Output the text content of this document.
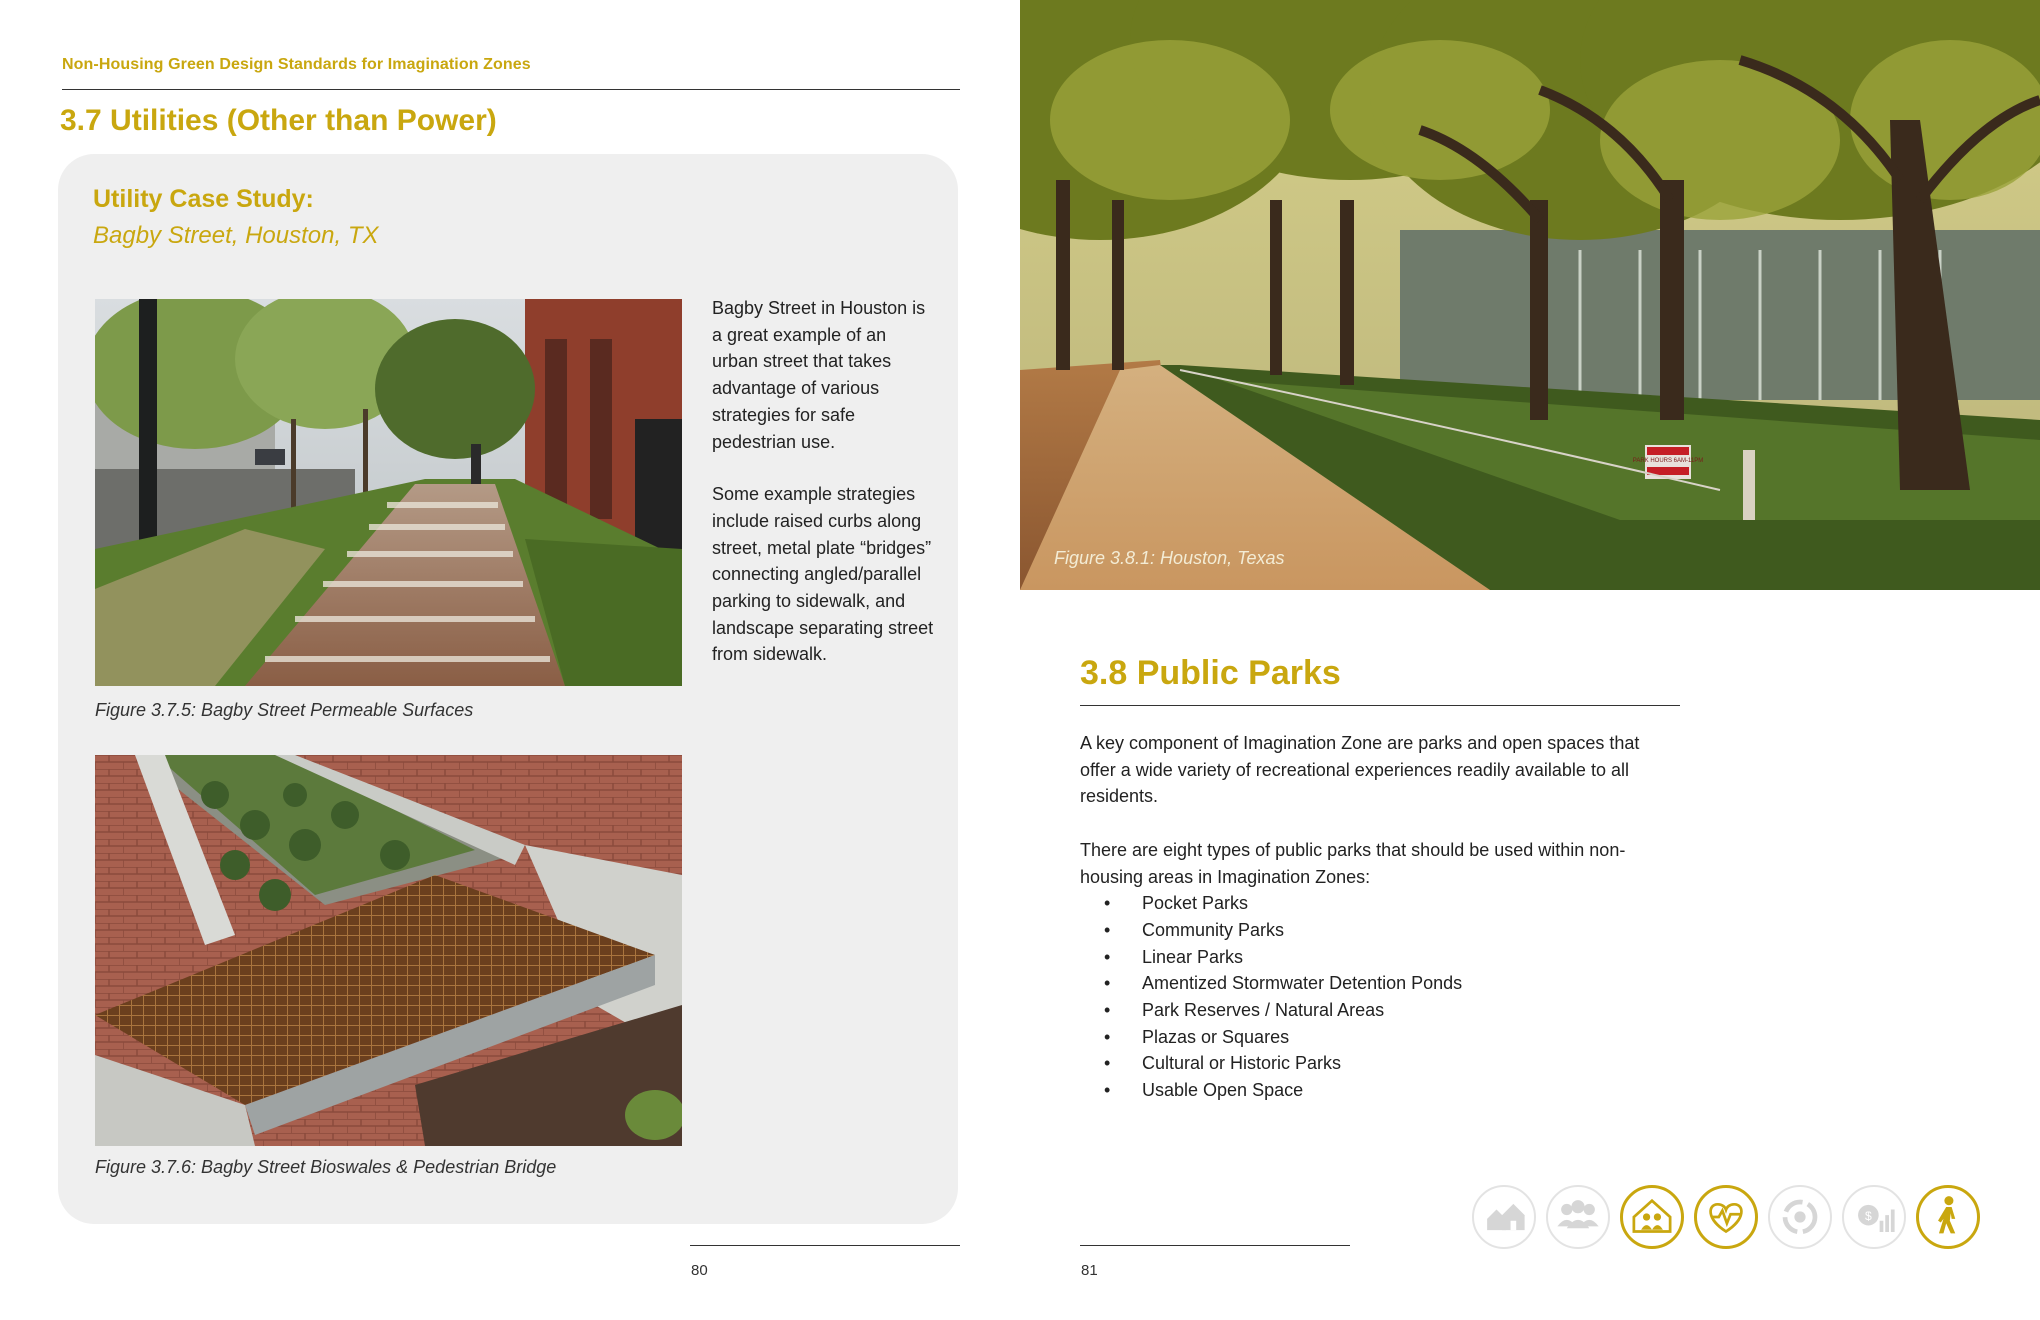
Non-Housing Green Design Standards for Imagination Zones
3.7 Utilities (Other than Power)
Utility Case Study:
Bagby Street, Houston, TX
Figure 3.7.5: Bagby Street Permeable Surfaces
Figure 3.7.6: Bagby Street Bioswales & Pedestrian Bridge

Bagby Street in Houston is a great example of an urban street that takes advantage of various strategies for safe pedestrian use.

Some example strategies include raised curbs along street, metal plate “bridges” connecting angled/parallel parking to sidewalk, and landscape separating street from sidewalk.

80
PARK HOURS 6AM-11PM
Figure 3.8.1: Houston, Texas
3.8 Public Parks

A key component of Imagination Zone are parks and open spaces that offer a wide variety of recreational experiences readily available to all residents.

There are eight types of public parks that should be used within non-housing areas in Imagination Zones:

• Pocket Parks
• Community Parks
• Linear Parks
• Amentized Stormwater Detention Ponds
• Park Reserves / Natural Areas
• Plazas or Squares
• Cultural or Historic Parks
• Usable Open Space
81
$
